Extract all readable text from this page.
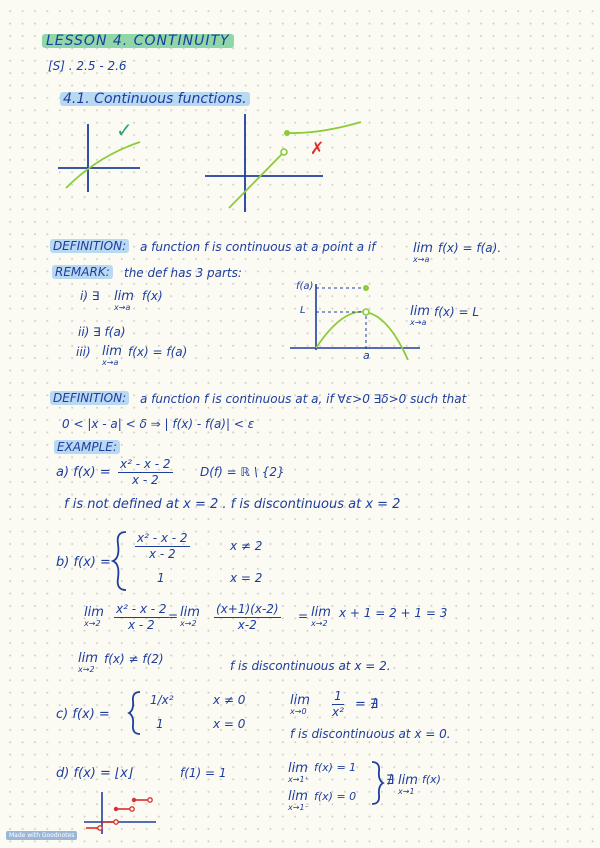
LESSON 4. CONTINUITY
[S] . 2.5 - 2.6
4.1. Continuous functions.
✓
✗
DEFINITION: a function f is continuous at a point a if	lim
x→a
f(x) = f(a).
REMARK: the def has 3 parts:
i) ∃ lim
x→a
f(x)
ii) ∃ f(a)
iii) lim
x→a
f(x) = f(a)
f(a)
L
a
lim
x→a
f(x) = L
DEFINITION: a function f is continuous at a, if ∀ε>0 ∃δ>0 such that
0 < |x - a| < δ ⇒ | f(x) - f(a)| < ε
EXAMPLE:
a) $f(x) = \frac{\text{x² - x - 2}}{x - 2} D(f)$ = ℝ \ {2}
f is not defined at x = 2 . f is discontinuous at x = 2
b) f(x) =
$\frac{\text{x² - x - 2}}{x - 2}$	x ≠ 2
1	x = 2
lim
$x\to 2 \frac{\text{x² - x - 2}}{x - 2} = \lim$
$x\to 2 \frac{(x+1)(x-2)}{x-2} = \lim$
x→2
x + 1 = 2 + 1 = 3
lim
x→2
f(x) ≠ f(2)	f is discontinuous at x = 2.
c) f(x) =
1/x²	x ≠ 0
1	x = 0
lim
$x\to 0 \frac{1}{\text{x²}}$ = ∄
f is discontinuous at x = 0.
d) f(x) = ⌊x⌋	f(1) = 1	lim
x→1⁺
f(x) = 1
lim
x→1⁻
f(x) = 0
∄ lim
x→1
f(x)
Made with Goodnotes
